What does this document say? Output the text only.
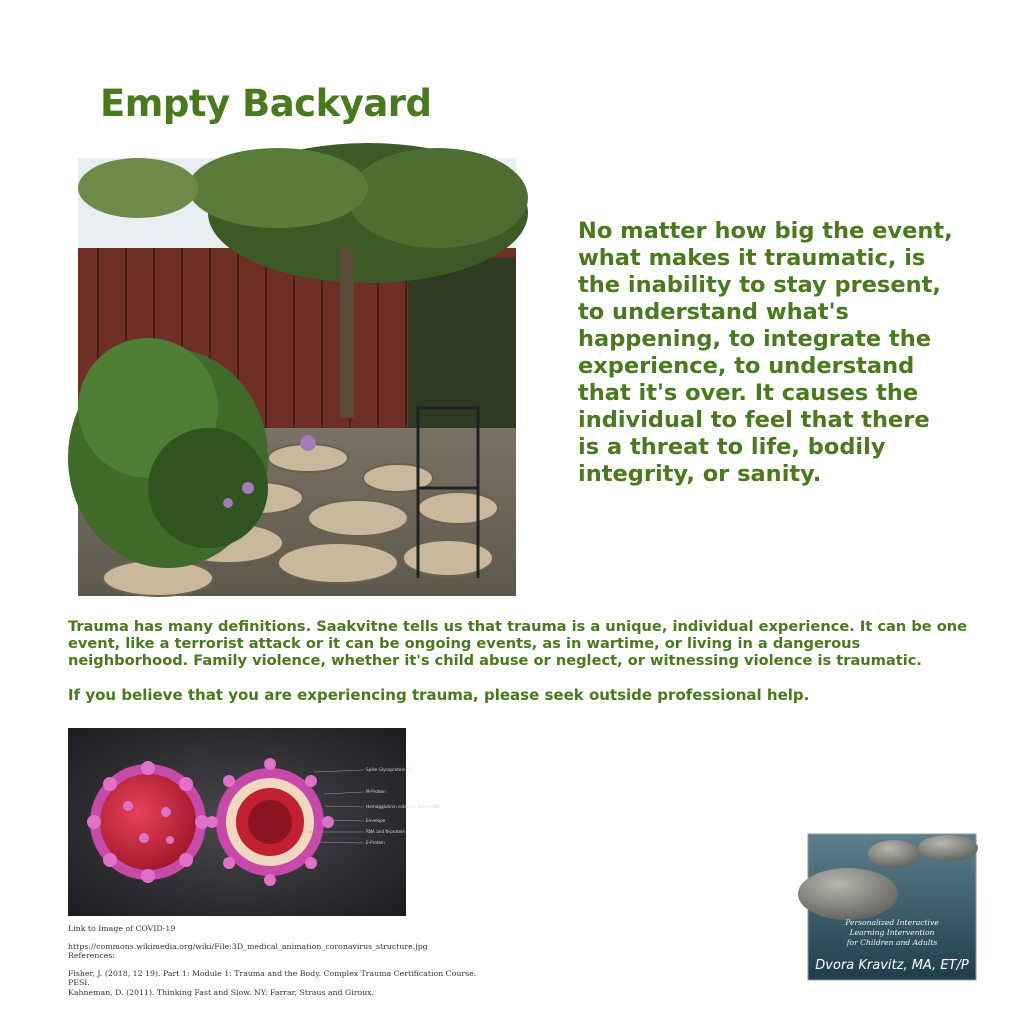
Empty Backyard

No matter how big the event, what makes it traumatic, is the inability to stay present, to understand what's happening, to integrate the experience, to understand that it's over. It causes the individual to feel that there is a threat to life, bodily integrity, or sanity.

Trauma has many definitions. Saakvitne tells us that trauma is a unique, individual experience. It can be one event, like a terrorist attack or it can be ongoing events, as in wartime, or living in a dangerous neighborhood. Family violence, whether it's child abuse or neglect, or witnessing violence is traumatic.

If you believe that you are experiencing trauma, please seek outside professional help.

Spike Glycoprotein (S)
M-Protein
Hemagglutinin esterase dimer (HE)
Envelope
RNA and N-protein
E-Protein
Link to Image of COVID-19
https://commons.wikimedia.org/wiki/File:3D_medical_animation_coronavirus_structure.jpg
References:
Fisher, J. (2018, 12 19). Part 1: Module 1: Trauma and the Body. Complex Trauma Certification Course.
PESI.
Kahneman, D. (2011). Thinking Fast and Slow. NY: Farrar, Straus and Giroux.
Personalized Interactive
Learning Intervention
for Children and Adults
Dvora Kravitz, MA, ET/P
